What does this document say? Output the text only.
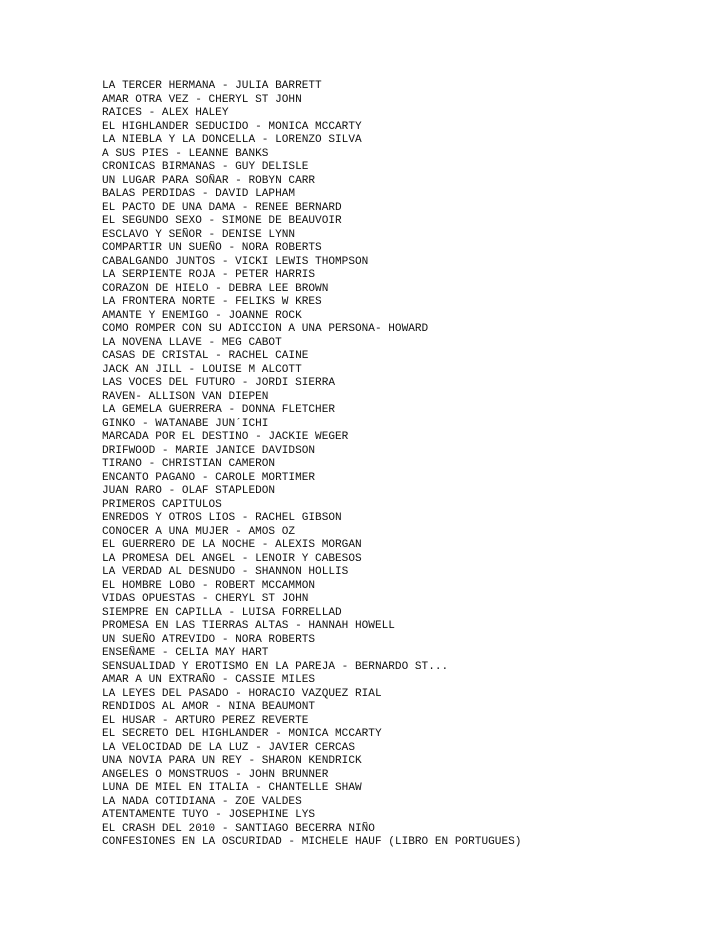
LA TERCER HERMANA - JULIA BARRETT
AMAR OTRA VEZ - CHERYL ST JOHN
RAICES - ALEX HALEY
EL HIGHLANDER SEDUCIDO - MONICA MCCARTY
LA NIEBLA Y LA DONCELLA - LORENZO SILVA
A SUS PIES - LEANNE BANKS
CRONICAS BIRMANAS - GUY DELISLE
UN LUGAR PARA SOÑAR - ROBYN CARR
BALAS PERDIDAS - DAVID LAPHAM
EL PACTO DE UNA DAMA - RENEE BERNARD
EL SEGUNDO SEXO - SIMONE DE BEAUVOIR
ESCLAVO Y SEÑOR - DENISE LYNN
COMPARTIR UN SUEÑO - NORA ROBERTS
CABALGANDO JUNTOS - VICKI LEWIS THOMPSON
LA SERPIENTE ROJA - PETER HARRIS
CORAZON DE HIELO - DEBRA LEE BROWN
LA FRONTERA NORTE - FELIKS W KRES
AMANTE Y ENEMIGO - JOANNE ROCK
COMO ROMPER CON SU ADICCION A UNA PERSONA- HOWARD
LA NOVENA LLAVE - MEG CABOT
CASAS DE CRISTAL - RACHEL CAINE
JACK AN JILL - LOUISE M ALCOTT
LAS VOCES DEL FUTURO - JORDI SIERRA
RAVEN- ALLISON VAN DIEPEN
LA GEMELA GUERRERA - DONNA FLETCHER
GINKO - WATANABE JUN´ICHI
MARCADA POR EL DESTINO - JACKIE WEGER
DRIFWOOD - MARIE JANICE DAVIDSON
TIRANO - CHRISTIAN CAMERON
ENCANTO PAGANO - CAROLE MORTIMER
JUAN RARO - OLAF STAPLEDON
PRIMEROS CAPITULOS
ENREDOS Y OTROS LIOS - RACHEL GIBSON
CONOCER A UNA MUJER - AMOS OZ
EL GUERRERO DE LA NOCHE - ALEXIS MORGAN
LA PROMESA DEL ANGEL - LENOIR Y CABESOS
LA VERDAD AL DESNUDO - SHANNON HOLLIS
EL HOMBRE LOBO - ROBERT MCCAMMON
VIDAS OPUESTAS - CHERYL ST JOHN
SIEMPRE EN CAPILLA - LUISA FORRELLAD
PROMESA EN LAS TIERRAS ALTAS - HANNAH HOWELL
UN SUEÑO ATREVIDO - NORA ROBERTS
ENSEÑAME - CELIA MAY HART
SENSUALIDAD Y EROTISMO EN LA PAREJA - BERNARDO ST...
AMAR A UN EXTRAÑO - CASSIE MILES
LA LEYES DEL PASADO - HORACIO VAZQUEZ RIAL
RENDIDOS AL AMOR - NINA BEAUMONT
EL HUSAR - ARTURO PEREZ REVERTE
EL SECRETO DEL HIGHLANDER - MONICA MCCARTY
LA VELOCIDAD DE LA LUZ - JAVIER CERCAS
UNA NOVIA PARA UN REY - SHARON KENDRICK
ANGELES O MONSTRUOS - JOHN BRUNNER
LUNA DE MIEL EN ITALIA - CHANTELLE SHAW
LA NADA COTIDIANA - ZOE VALDES
ATENTAMENTE TUYO - JOSEPHINE LYS
EL CRASH DEL 2010 - SANTIAGO BECERRA NIÑO
CONFESIONES EN LA OSCURIDAD - MICHELE HAUF (LIBRO EN PORTUGUES)
